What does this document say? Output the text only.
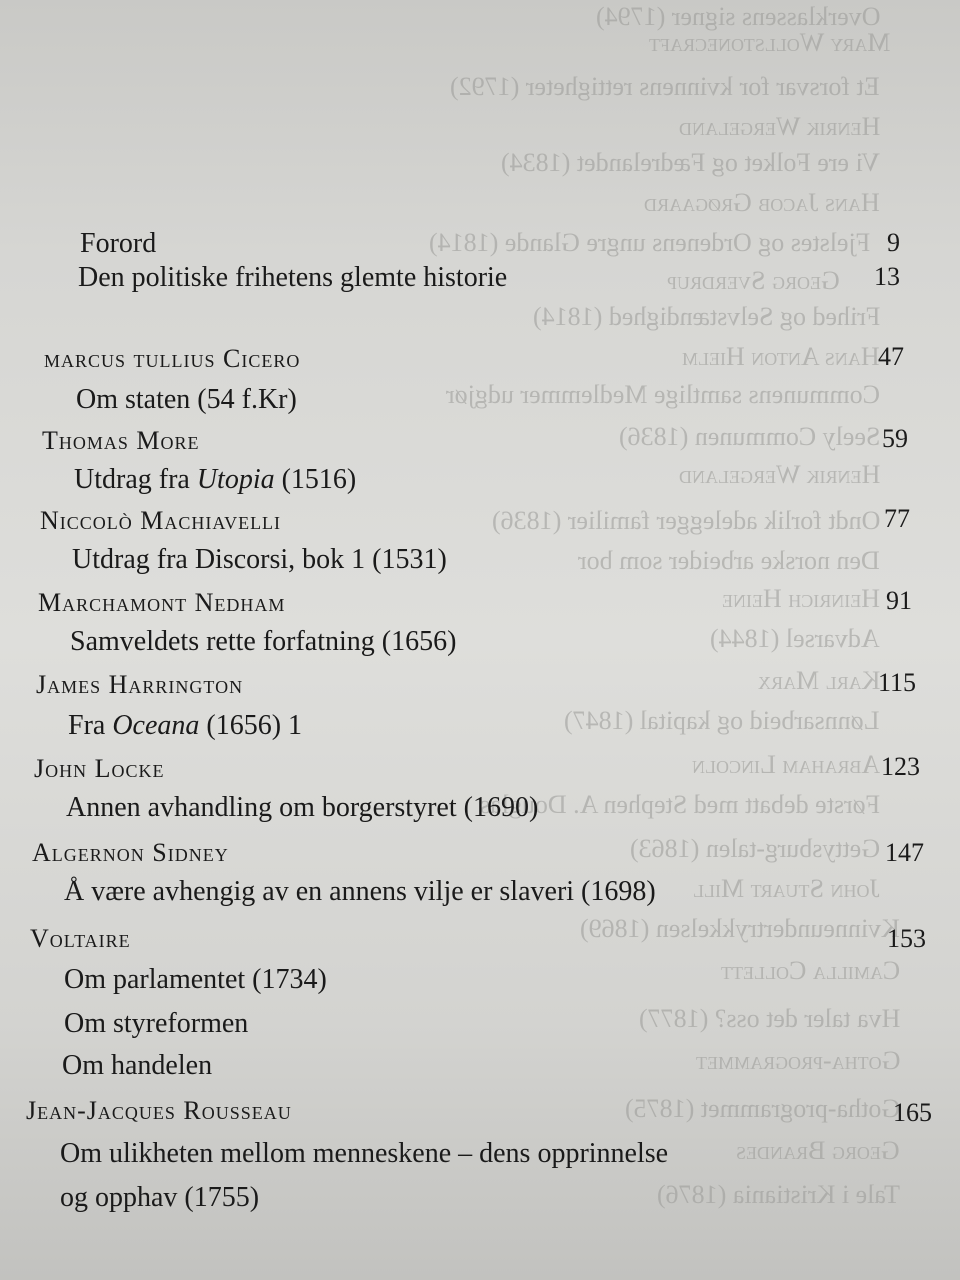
Overklassens signer (1794)
Mary Wollstonecraft
Et forsvar for kvinnens rettigheter (1792)
Henrik Wergeland
Vi ere Folket og Fædrelandet (1834)
Hans Jacob Grøgaard
Fjelstes og Ordenens ungre Glande (1814)
Georg Sverdrup
Frihed og Selvstændighed (1814)
Hans Anton Hielm
Communens samtlige Medlemmer udgjør
Seely Communen (1836)
Henrik Wergeland
Ondt forlik adelegger familier (1836)
Den norske arbeider som bor
Heinrich Heine
Advarsel (1844)
Karl Marx
Lønnsarbeid og kapital (1847)
Abraham Lincoln
Første debatt med Stephen A. Douglas
Gettysburg-talen (1863)
John Stuart Mill
Kvinneundertrykkelsen (1869)
Camilla Collett
Hva taler det oss? (1877)
Gotha-programmet
Gotha-programmet (1875)
Georg Brandes
Tale i Kristiania (1876)
Forord	9
Den politiske frihetens glemte historie	13
marcus tullius Cicero	47
Om staten (54 f.Kr)
Thomas More	59
Utdrag fra Utopia (1516)
Niccolò Machiavelli	77
Utdrag fra Discorsi, bok 1 (1531)
Marchamont Nedham	91
Samveldets rette forfatning (1656)
James Harrington	115
Fra Oceana (1656) 1
John Locke	123
Annen avhandling om borgerstyret (1690)
Algernon Sidney	147
Å være avhengig av en annens vilje er slaveri (1698)
Voltaire	153
Om parlamentet (1734)
Om styreformen
Om handelen
Jean-Jacques Rousseau	165
Om ulikheten mellom menneskene – dens opprinnelse
og opphav (1755)
